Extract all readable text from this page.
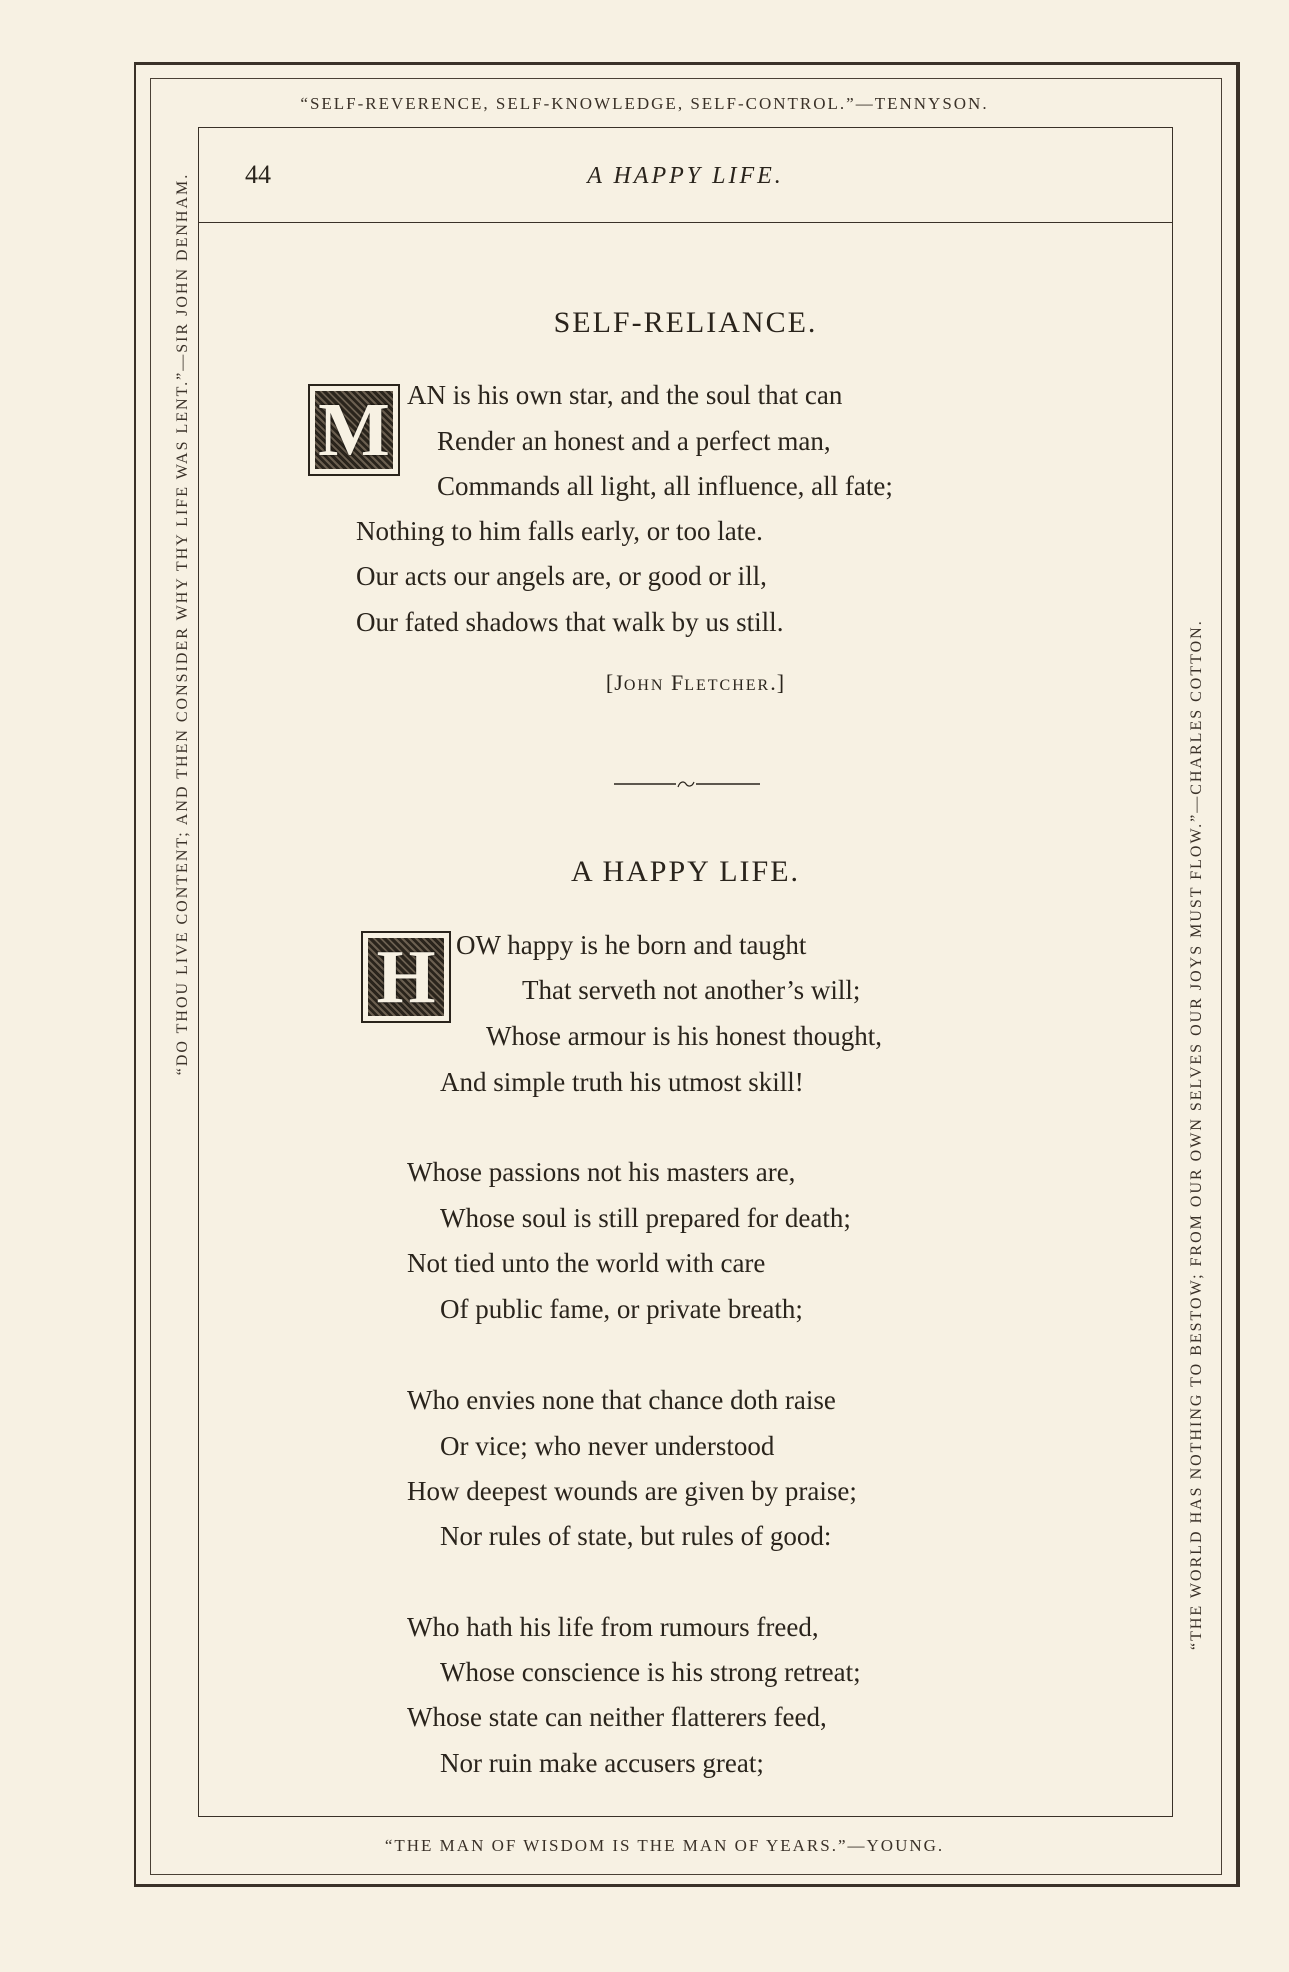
“SELF-REVERENCE, SELF-KNOWLEDGE, SELF-CONTROL.”—TENNYSON.
“DO THOU LIVE CONTENT; AND THEN CONSIDER WHY THY LIFE WAS LENT.”—SIR JOHN DENHAM.	“THE WORLD HAS NOTHING TO BESTOW; FROM OUR OWN SELVES OUR JOYS MUST FLOW.”—CHARLES COTTON.
“THE MAN OF WISDOM IS THE MAN OF YEARS.”—YOUNG.
44	A HAPPY LIFE.
SELF-RELIANCE.
M AN is his own star, and the soul that can
Render an honest and a perfect man,
Commands all light, all influence, all fate;
Nothing to him falls early, or too late.
Our acts our angels are, or good or ill,
Our fated shadows that walk by us still.
[JOHN FLETCHER.]
A HAPPY LIFE.
H OW happy is he born and taught
That serveth not another’s will;
Whose armour is his honest thought,
And simple truth his utmost skill!
Whose passions not his masters are,
Whose soul is still prepared for death;
Not tied unto the world with care
Of public fame, or private breath;
Who envies none that chance doth raise
Or vice; who never understood
How deepest wounds are given by praise;
Nor rules of state, but rules of good:
Who hath his life from rumours freed,
Whose conscience is his strong retreat;
Whose state can neither flatterers feed,
Nor ruin make accusers great;
